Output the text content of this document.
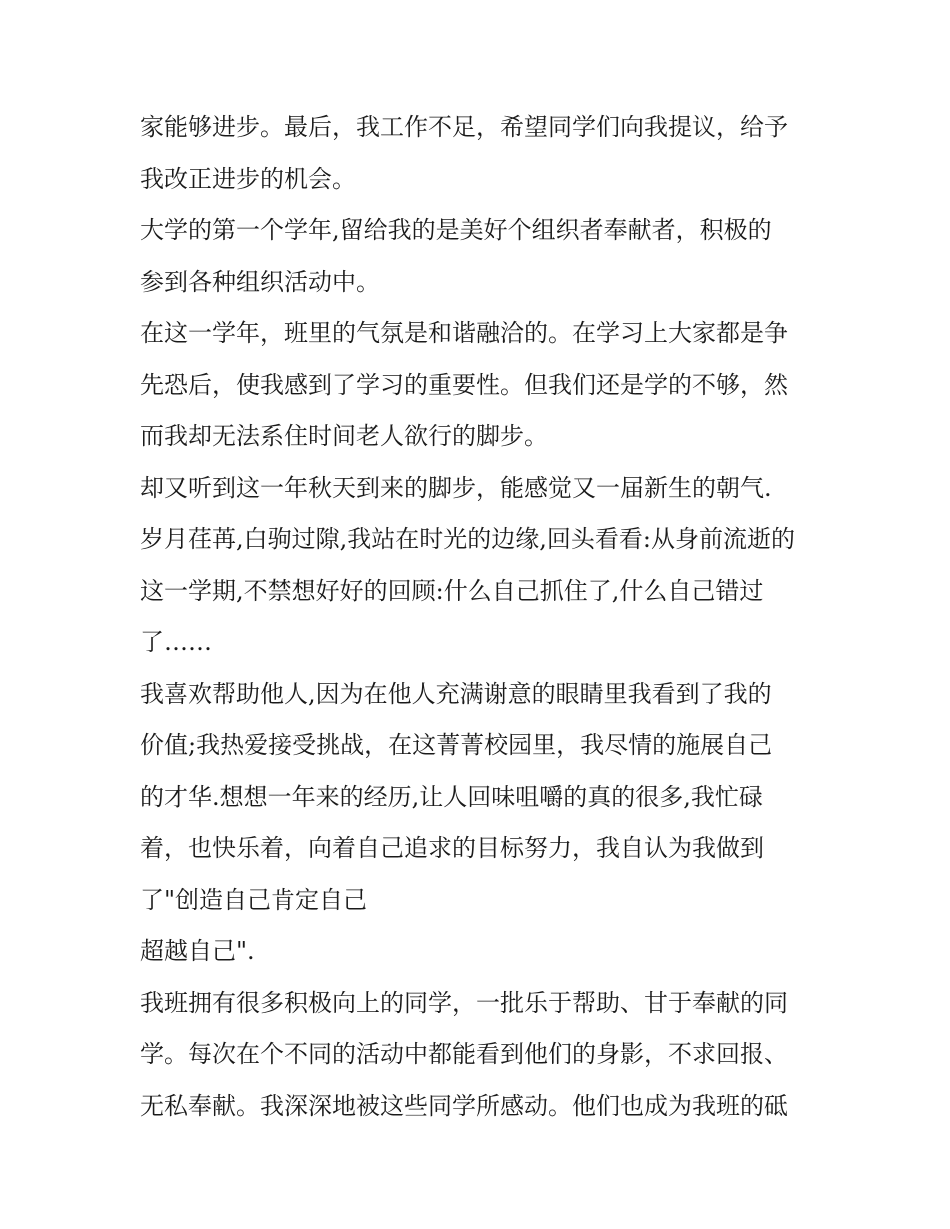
家能够进步。最后，我工作不足，希望同学们向我提议，给予
我改正进步的机会。
大学的第一个学年,留给我的是美好个组织者奉献者，积极的
参到各种组织活动中。
在这一学年，班里的气氛是和谐融洽的。在学习上大家都是争
先恐后，使我感到了学习的重要性。但我们还是学的不够，然
而我却无法系住时间老人欲行的脚步。
却又听到这一年秋天到来的脚步，能感觉又一届新生的朝气.
岁月荏苒,白驹过隙,我站在时光的边缘,回头看看:从身前流逝的
这一学期,不禁想好好的回顾:什么自己抓住了,什么自己错过
了……
我喜欢帮助他人,因为在他人充满谢意的眼睛里我看到了我的
价值;我热爱接受挑战，在这菁菁校园里，我尽情的施展自己
的才华.想想一年来的经历,让人回味咀嚼的真的很多,我忙碌
着，也快乐着，向着自己追求的目标努力，我自认为我做到
了"创造自己肯定自己
超越自己".
我班拥有很多积极向上的同学，一批乐于帮助、甘于奉献的同
学。每次在个不同的活动中都能看到他们的身影，不求回报、
无私奉献。我深深地被这些同学所感动。他们也成为我班的砥
